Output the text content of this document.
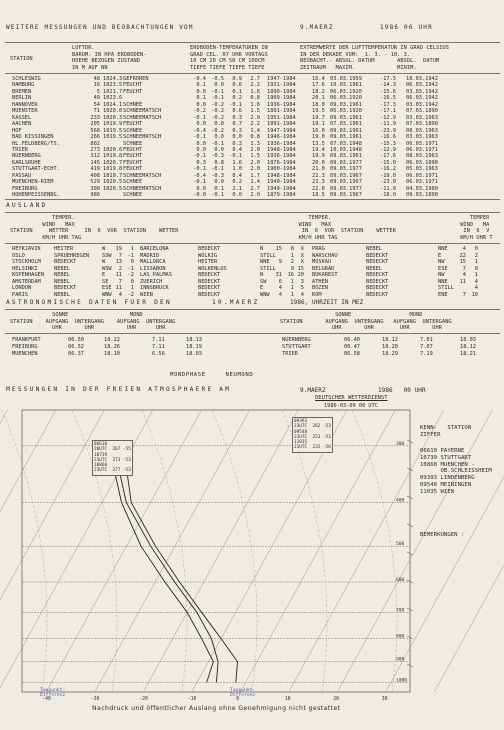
WEITERE MESSUNGEN UND BEOBACHTUNGEN VOM	9.MAERZ	1986 06 UHR
STATION
LUFTDR.
BAROM. IN HPA ERDBODEN-
HOEHE BEZOGEN ZUSTAND
IN M AUF NN
ERDBODEN-TEMPERATUREN IN
GRAD CEL. 07 UHR VORTAGS
10 CM 20 CM 50 CM 100CM
TIEFE TIEFE TIEFE TIEFE
EXTREMWERTE DER LUFTTEMPERATUR IN GRAD CELSIUS
IN DER DEKADE VOM:  1. 3. - 10. 3.
BEOBACHT.- ABSOL. DATUM       ABSOL.  DATUM
ZEITRAUM   MAXIM.             MINIM.
SCHLESWIG	48 1024.3 GEFROREN	-0.4 -0.5 0.9 2.7 1947-1984	16.4 03.03.1959	-17.5 10.03.1942
HAMBURG	16 1023.5 FEUCHT	0.1 0.0 0.6 2.2 1931-1984	17.6 10.03.1961	-14.3 06.03.1942
BREMEN	5 1021.7 FEUCHT	0.0 -0.1 0.1 1.6 1890-1984	18.2 06.03.1920	-15.6 03.03.1942
BERLIN	49 1023.6	0.1 -0.1 0.2 0.8 1909-1984	20.1 06.03.1920	-16.5 06.03.1942
HANNOVER	54 1024.1 SCHNEE	0.0 -0.2 -0.1 1.6 1936-1984	18.0 09.03.1961	-17.3 03.03.1942
MUENSTER	71 1020.0 SCHNEEMATSCH	-0.2 -0.2 0.6 1.5 1891-1984	19.5 06.03.1920	-17.1 07.03.1890
KASSEL	233 1020.3 SCHNEEMATSCH	-0.1 -0.2 0.3 2.0 1951-1984	19.7 09.03.1961	-12.9 03.03.1963
AACHEN	205 1019.9 FEUCHT	0.0 0.0 0.7 2.2 1891-1984	19.1 07.03.1961	-11.9 07.03.1890
HOF	568 1019.5 SCHNEE	-0.4 -0.2 0.3 1.4 1947-1984	16.0 09.03.1961	-23.9 08.03.1963
BAD KISSINGEN	266 1019.5 SCHNEEMATSCH	-0.1 0.0 0.0 0.8 1946-1984	19.0 09.03.1961	-16.6 03.03.1963
HL.FELDBERG/TS.	802	SCHNEE	0.0 -0.1 0.3 1.3 1936-1984	13.5 07.03.1948	-15.3 06.03.1971
TRIER	273 1020.6 FEUCHT	0.0 0.0 0.4 2.0 1948-1984	19.4 10.03.1948	-12.9 06.03.1971
NUERNBERG	312 1019.8 FEUCHT	-0.1 -0.3 -0.1 1.5 1936-1984	19.9 09.03.1961	-17.6 08.03.1963
KARLSRUHE	145 1020.7 FEUCHT	0.3 0.8 1.6 2.0 1876-1984	20.0 09.03.1977	-15.0 06.03.1890
STUTTGART-ECHT.	419 1019.8 FEUCHT	-0.1 -0.1 1.0 2.0 1900-1984	21.0 09.03.1977	-16.2 05.03.1963
PASSAU	408 1019.7 SCHNEEMATSCH	-0.4 -0.3 0.4 1.7 1948-1984	22.3 09.03.1967	-19.0 06.03.1971
MUENCHEN-RIEM	529 1020.5 SCHNEE	-0.1 0.0 0.2 1.4 1940-1984	23.3 09.03.1967	-23.0 06.03.1971
FREIBURG	300 1020.5 SCHNEEMATSCH	0.0 0.1 2.1 2.7 1949-1984	22.0 09.03.1977	-11.9 04.03.1980
HOHENPEISSENBG.	986	SCHNEE	-0.0 -0.1 0.0 2.0 1879-1984	18.5 09.03.1967	-18.0 09.03.1890
AUSLAND
TEMPER.
WIND   MAX
STATION     WETTER     IN  6  VOR  STATION    WETTER
KM/H UHR TAG
TEMPER.
WIND   MAX
IN  6  VOR  STATION    WETTER
KM/H UHR TAG
TEMPER
WIND   MA
IN  6  V
KM/H UHR T
REYKJAVIK	HEITER	W 19 1 BARCELONA	BEDECKT	N 15 8 X PRAG	NEBEL	NNE	4 0
OSLO	SPRUEHREGEN SSW 7 -1 MADRID	WOLKIG	STILL	1 X WARSCHAU	BEDECKT	E	22 2
STOCKHOLM	BEDECKT	W 13 0 MALLORCA	HEITER	NNE 9 2 X MOSKAU	BEDECKT	NW	15 1
HELSINKI	NEBEL	WSW 2 -1 LISSABON	WOLKENLOS	STILL	9 15 BELGRAD	NEBEL	ESE	7 0
KOPENHAGEN NEBEL	E 11 -2 LAS PALMAS	BEDECKT	N 31 16 20 BUKAREST	BEDECKT	NW	4 1
AMSTERDAM	NEBEL	SE 7 0 ZUERICH	BEDECKT	SW 6 1 3 ATHEN	BEDECKT	NNE 11 4
LONDON	BEDECKT	ESE 11 1 INNSBRUCK	BEDECKT	E	4 1 5 BOZEN	BEDECKT	STILL	4
PARIS	NEBEL	WNW 4 -2 WIEN	BEDECKT	WNW 4 1 4 ROM	BEDECKT	ENE	7 10
ASTRONOMISCHE DATEN FUER DEN	10.MAERZ	1986, UHRZEIT IN MEZ
SONNE                   MOND
STATION    AUFGANG  UNTERGANG    AUFGANG  UNTERGANG
UHR       UHR          UHR      UHR
SONNE                  MOND
STATION       AUFGANG  UNTERGANG   AUFGANG  UNTERGANG
UHR       UHR        UHR       UHR
FRANKFURT	06.50	18.22	7.11	18.13
FREIBURG	06.52	18.26	7.11	18.19
MUENCHEN	06.37	18.10	6.56	18.03
NUERNBERG	06.40	18.12	7.01	18.03
STUTTGART	06.47	18.20	7.07	18.12
TRIER	06.58	18.29	7.19	18.21
MONDPHASE     NEUMOND
MESSUNGEN IN DER FREIEN ATMOSPHAERE AM	9.MAERZ	1986   00 UHR
DEUTSCHER WETTERDIENST
300
400
500
600
700
800
900
1000
-40	-30	-20	-10	0	10	20	30
1986-03-09 00 UTC
06610
20UTC  267 -55
10739
23UTC  273 -53
10868
23UTC  277 -53
09393
23UTC  262 -53
09548
23UTC  253 -53
11035
23UTC  235 -56
Taupunkt-
Differenz
Taupunkt-
Differenz
KENN-   STATION
ZIFFER
06610 PAYERNE
10739 STUTTGART
10868 MUENCHEN -
OB.SCHLEISSHEIM
09393 LINDENBERG
09548 MEININGEN
11035 WIEN
BEMERKUNGEN :
Nachdruck und öffentlicher Auslang ohne Genehmigung nicht gestattet
